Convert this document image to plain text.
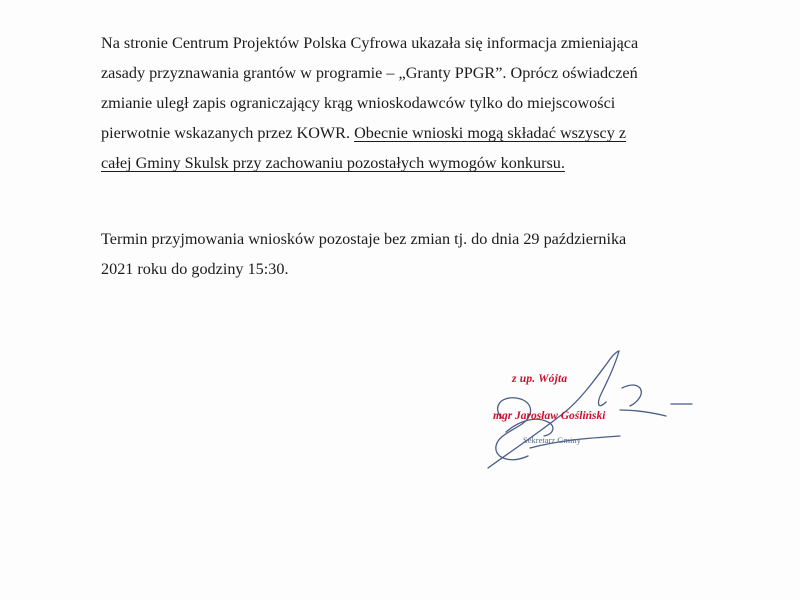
Na stronie Centrum Projektów Polska Cyfrowa ukazała się informacja zmieniająca
zasady przyznawania grantów w programie – „Granty PPGR”. Oprócz oświadczeń
zmianie uległ zapis ograniczający krąg wnioskodawców tylko do miejscowości
pierwotnie wskazanych przez KOWR. Obecnie wnioski mogą składać wszyscy z
całej Gminy Skulsk przy zachowaniu pozostałych wymogów konkursu.
Termin przyjmowania wniosków pozostaje bez zmian tj. do dnia 29 października
2021 roku do godziny 15:30.
z up. Wójta
mgr Jarosław Gośliński
Sekretarz Gminy
